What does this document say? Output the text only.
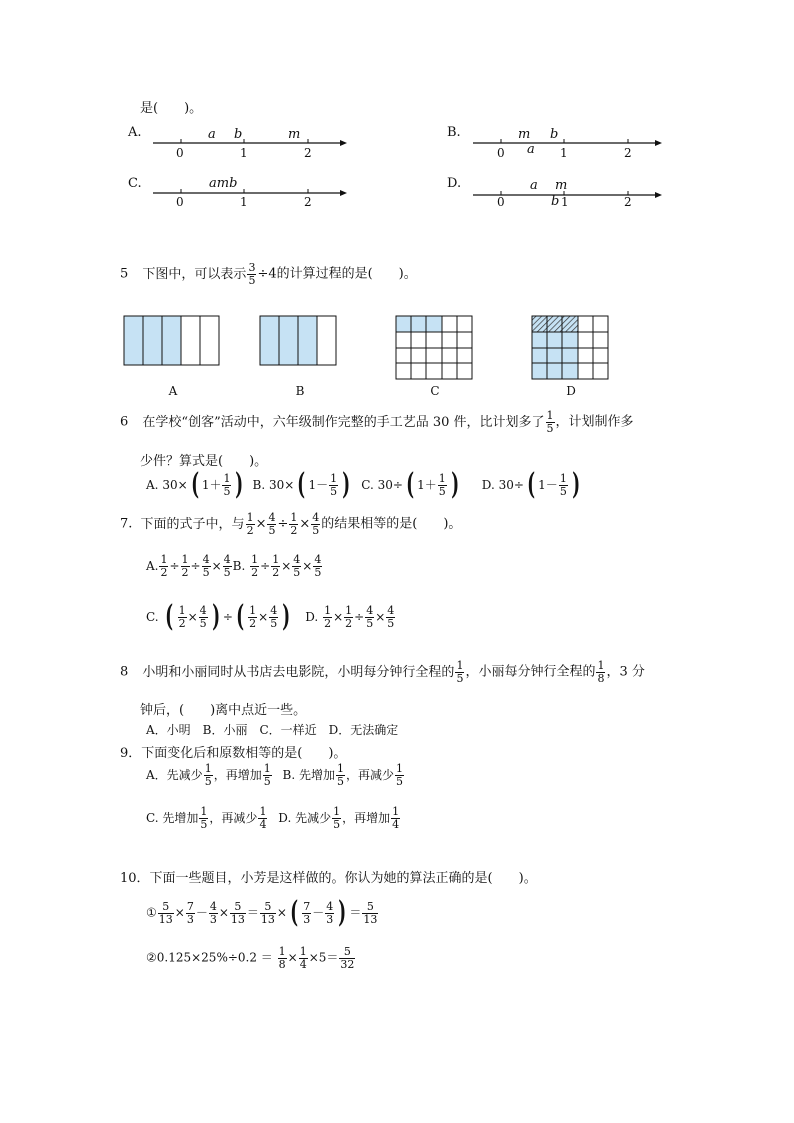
是(　　)。
A.	a b	m
0	1	2
B.	m b
a
0	1	2
C.	amb
0	1	2
D.	a m
b
0	1	2
5 下图中，可以表示 $\frac{3}{5} \div 4$的计算过程的是(　　)。
A	B	C	D
6 在学校“创客”活动中，六年级制作完整的手工艺品 30 件，比计划多了 $\frac{1}{5}$ ，计划制作多
少件？算式是(　　)。
A. 30× ( $1+ \frac{1}{5}$ ) B. 30× ( $1- \frac{1}{5}$ ) C. 30÷ ( $1+ \frac{1}{5}$ ) D. 30÷ ( $1- \frac{1}{5}$ )
7. 下面的式子中，与 $\frac{1}{2} \times \frac{4}{5} \div \frac{1}{2} \times \frac{4}{5}$ 的结果相等的是(　　)。
A. $\frac{1}{2} \div \frac{1}{2} \div \frac{4}{5} \times \frac{4}{5} B$. $\frac{1}{2} \div \frac{1}{2} \times \frac{4}{5} \times \frac{4}{5}$
C. ( $\frac{1}{2} \times \frac{4}{5}$ ) ÷ ( $\frac{1}{2} \times \frac{4}{5}$ ) D. $\frac{1}{2} \times \frac{1}{2} \div \frac{4}{5} \times \frac{4}{5}$
8 小明和小丽同时从书店去电影院，小明每分钟行全程的 $\frac{1}{5}$ ，小丽每分钟行全程的 $\frac{1}{8}$ ，3 分
钟后，(　　)离中点近一些。
A．小明　B．小丽　C．一样近　D．无法确定
9．下面变化后和原数相等的是(　　)。
A．先减少 $\frac{1}{5}$ ，再增加 $\frac{1}{5} B$. 先增加 $\frac{1}{5}$ ，再减少 $\frac{1}{5}$
C. 先增加 $\frac{1}{5}$ ，再减少 $\frac{1}{4} D$. 先减少 $\frac{1}{5}$ ，再增加 $\frac{1}{4}$
10．下面一些题目，小芳是这样做的。你认为她的算法正确的是(　　)。
① $\frac{5}{13} \times \frac{7}{3} - \frac{4}{3} \times \frac{5}{13} = \frac{5}{13}$ × ( $\frac{7}{3} - \frac{4}{3}$ ) ＝ $\frac{5}{13}$
②0.125×25%÷0.2 ＝ $\frac{1}{8} \times \frac{1}{4} \times 5= \frac{5}{32}$
